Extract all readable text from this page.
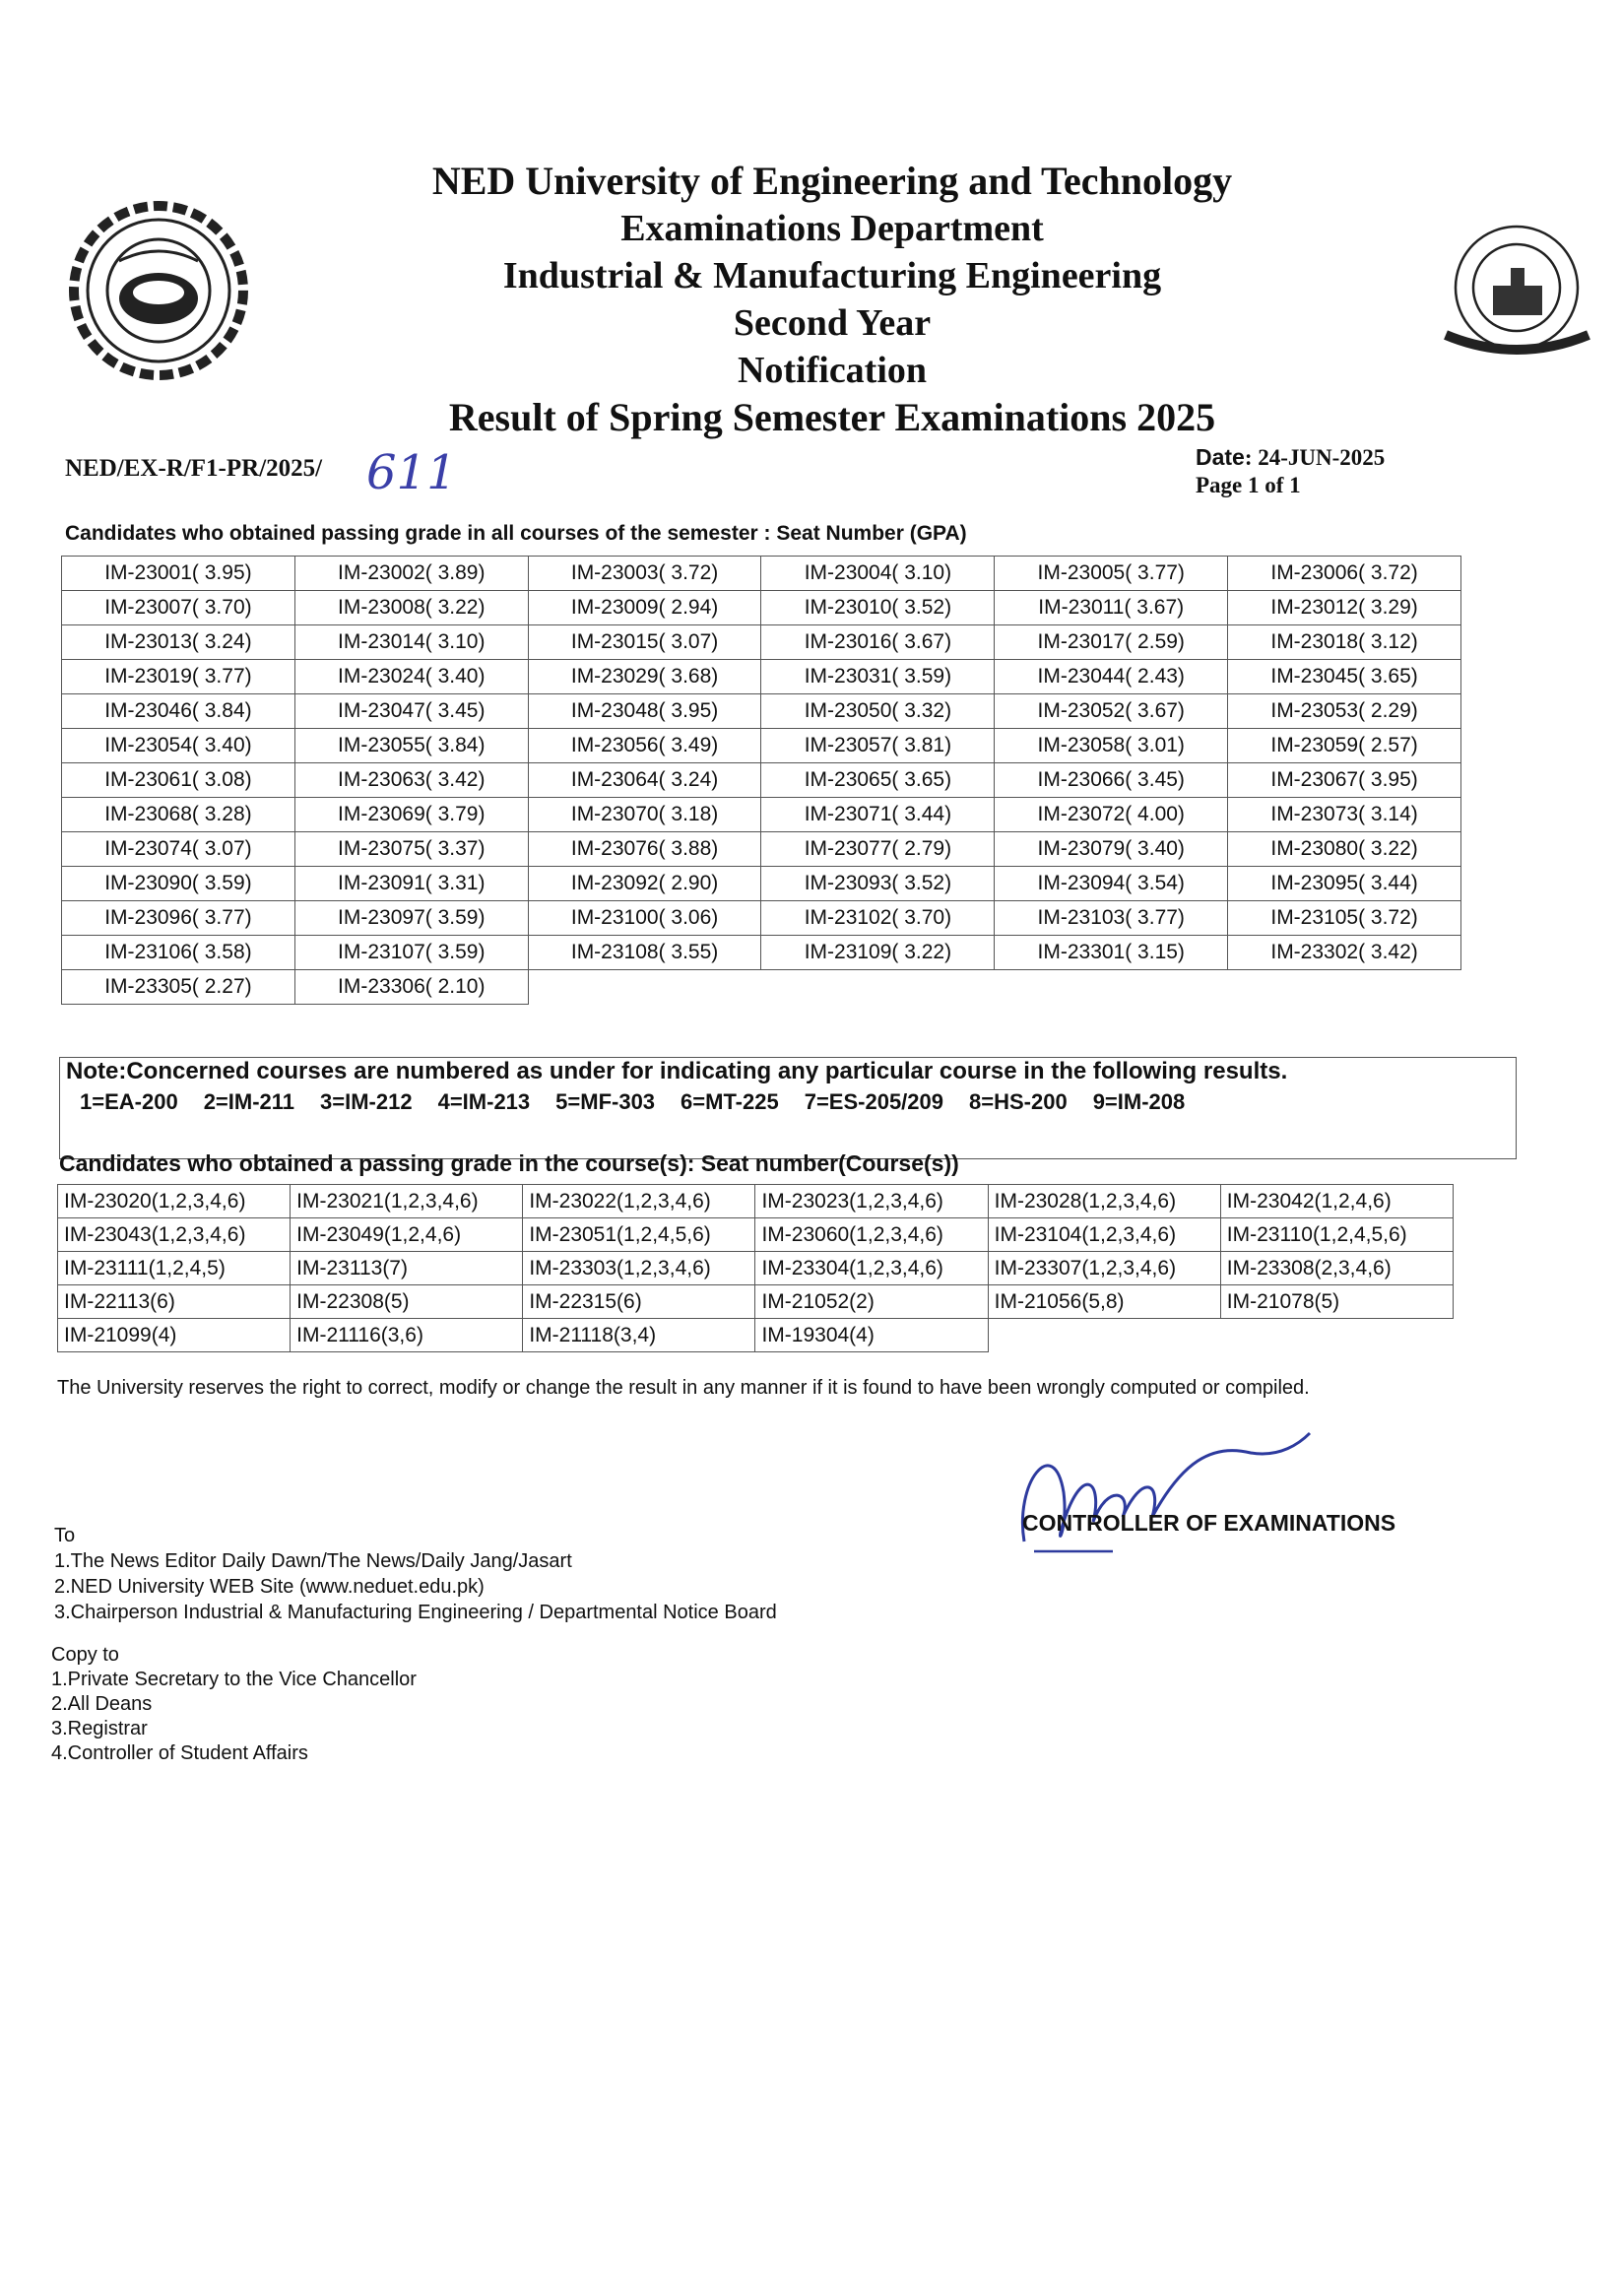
NED University of Engineering and Technology
Examinations Department
Industrial & Manufacturing Engineering
Second Year
Notification
Result of Spring Semester Examinations 2025
NED/EX-R/F1-PR/2025/ 611	Date: 24-JUN-2025
Page 1 of 1
Candidates who obtained passing grade in all courses of the semester : Seat Number (GPA)
IM-23001( 3.95)	IM-23002( 3.89)	IM-23003( 3.72)	IM-23004( 3.10)	IM-23005( 3.77)	IM-23006( 3.72)
IM-23007( 3.70)	IM-23008( 3.22)	IM-23009( 2.94)	IM-23010( 3.52)	IM-23011( 3.67)	IM-23012( 3.29)
IM-23013( 3.24)	IM-23014( 3.10)	IM-23015( 3.07)	IM-23016( 3.67)	IM-23017( 2.59)	IM-23018( 3.12)
IM-23019( 3.77)	IM-23024( 3.40)	IM-23029( 3.68)	IM-23031( 3.59)	IM-23044( 2.43)	IM-23045( 3.65)
IM-23046( 3.84)	IM-23047( 3.45)	IM-23048( 3.95)	IM-23050( 3.32)	IM-23052( 3.67)	IM-23053( 2.29)
IM-23054( 3.40)	IM-23055( 3.84)	IM-23056( 3.49)	IM-23057( 3.81)	IM-23058( 3.01)	IM-23059( 2.57)
IM-23061( 3.08)	IM-23063( 3.42)	IM-23064( 3.24)	IM-23065( 3.65)	IM-23066( 3.45)	IM-23067( 3.95)
IM-23068( 3.28)	IM-23069( 3.79)	IM-23070( 3.18)	IM-23071( 3.44)	IM-23072( 4.00)	IM-23073( 3.14)
IM-23074( 3.07)	IM-23075( 3.37)	IM-23076( 3.88)	IM-23077( 2.79)	IM-23079( 3.40)	IM-23080( 3.22)
IM-23090( 3.59)	IM-23091( 3.31)	IM-23092( 2.90)	IM-23093( 3.52)	IM-23094( 3.54)	IM-23095( 3.44)
IM-23096( 3.77)	IM-23097( 3.59)	IM-23100( 3.06)	IM-23102( 3.70)	IM-23103( 3.77)	IM-23105( 3.72)
IM-23106( 3.58)	IM-23107( 3.59)	IM-23108( 3.55)	IM-23109( 3.22)	IM-23301( 3.15)	IM-23302( 3.42)
IM-23305( 2.27)	IM-23306( 2.10)				
Note:Concerned courses are numbered as under for indicating any particular course in the following results.
1=EA-200 2=IM-211 3=IM-212 4=IM-213 5=MF-303 6=MT-225 7=ES-205/209 8=HS-200 9=IM-208
Candidates who obtained a passing grade in the course(s): Seat number(Course(s))
IM-23020(1,2,3,4,6)	IM-23021(1,2,3,4,6)	IM-23022(1,2,3,4,6)	IM-23023(1,2,3,4,6)	IM-23028(1,2,3,4,6)	IM-23042(1,2,4,6)
IM-23043(1,2,3,4,6)	IM-23049(1,2,4,6)	IM-23051(1,2,4,5,6)	IM-23060(1,2,3,4,6)	IM-23104(1,2,3,4,6)	IM-23110(1,2,4,5,6)
IM-23111(1,2,4,5)	IM-23113(7)	IM-23303(1,2,3,4,6)	IM-23304(1,2,3,4,6)	IM-23307(1,2,3,4,6)	IM-23308(2,3,4,6)
IM-22113(6)	IM-22308(5)	IM-22315(6)	IM-21052(2)	IM-21056(5,8)	IM-21078(5)
IM-21099(4)	IM-21116(3,6)	IM-21118(3,4)	IM-19304(4)		
The University reserves the right to correct, modify or change the result in any manner if it is found to have been wrongly computed or compiled.
CONTROLLER OF EXAMINATIONS
To
1.The News Editor Daily Dawn/The News/Daily Jang/Jasart
2.NED University WEB Site (www.neduet.edu.pk)
3.Chairperson Industrial & Manufacturing Engineering / Departmental Notice Board
Copy to
1.Private Secretary to the Vice Chancellor
2.All Deans
3.Registrar
4.Controller of Student Affairs
